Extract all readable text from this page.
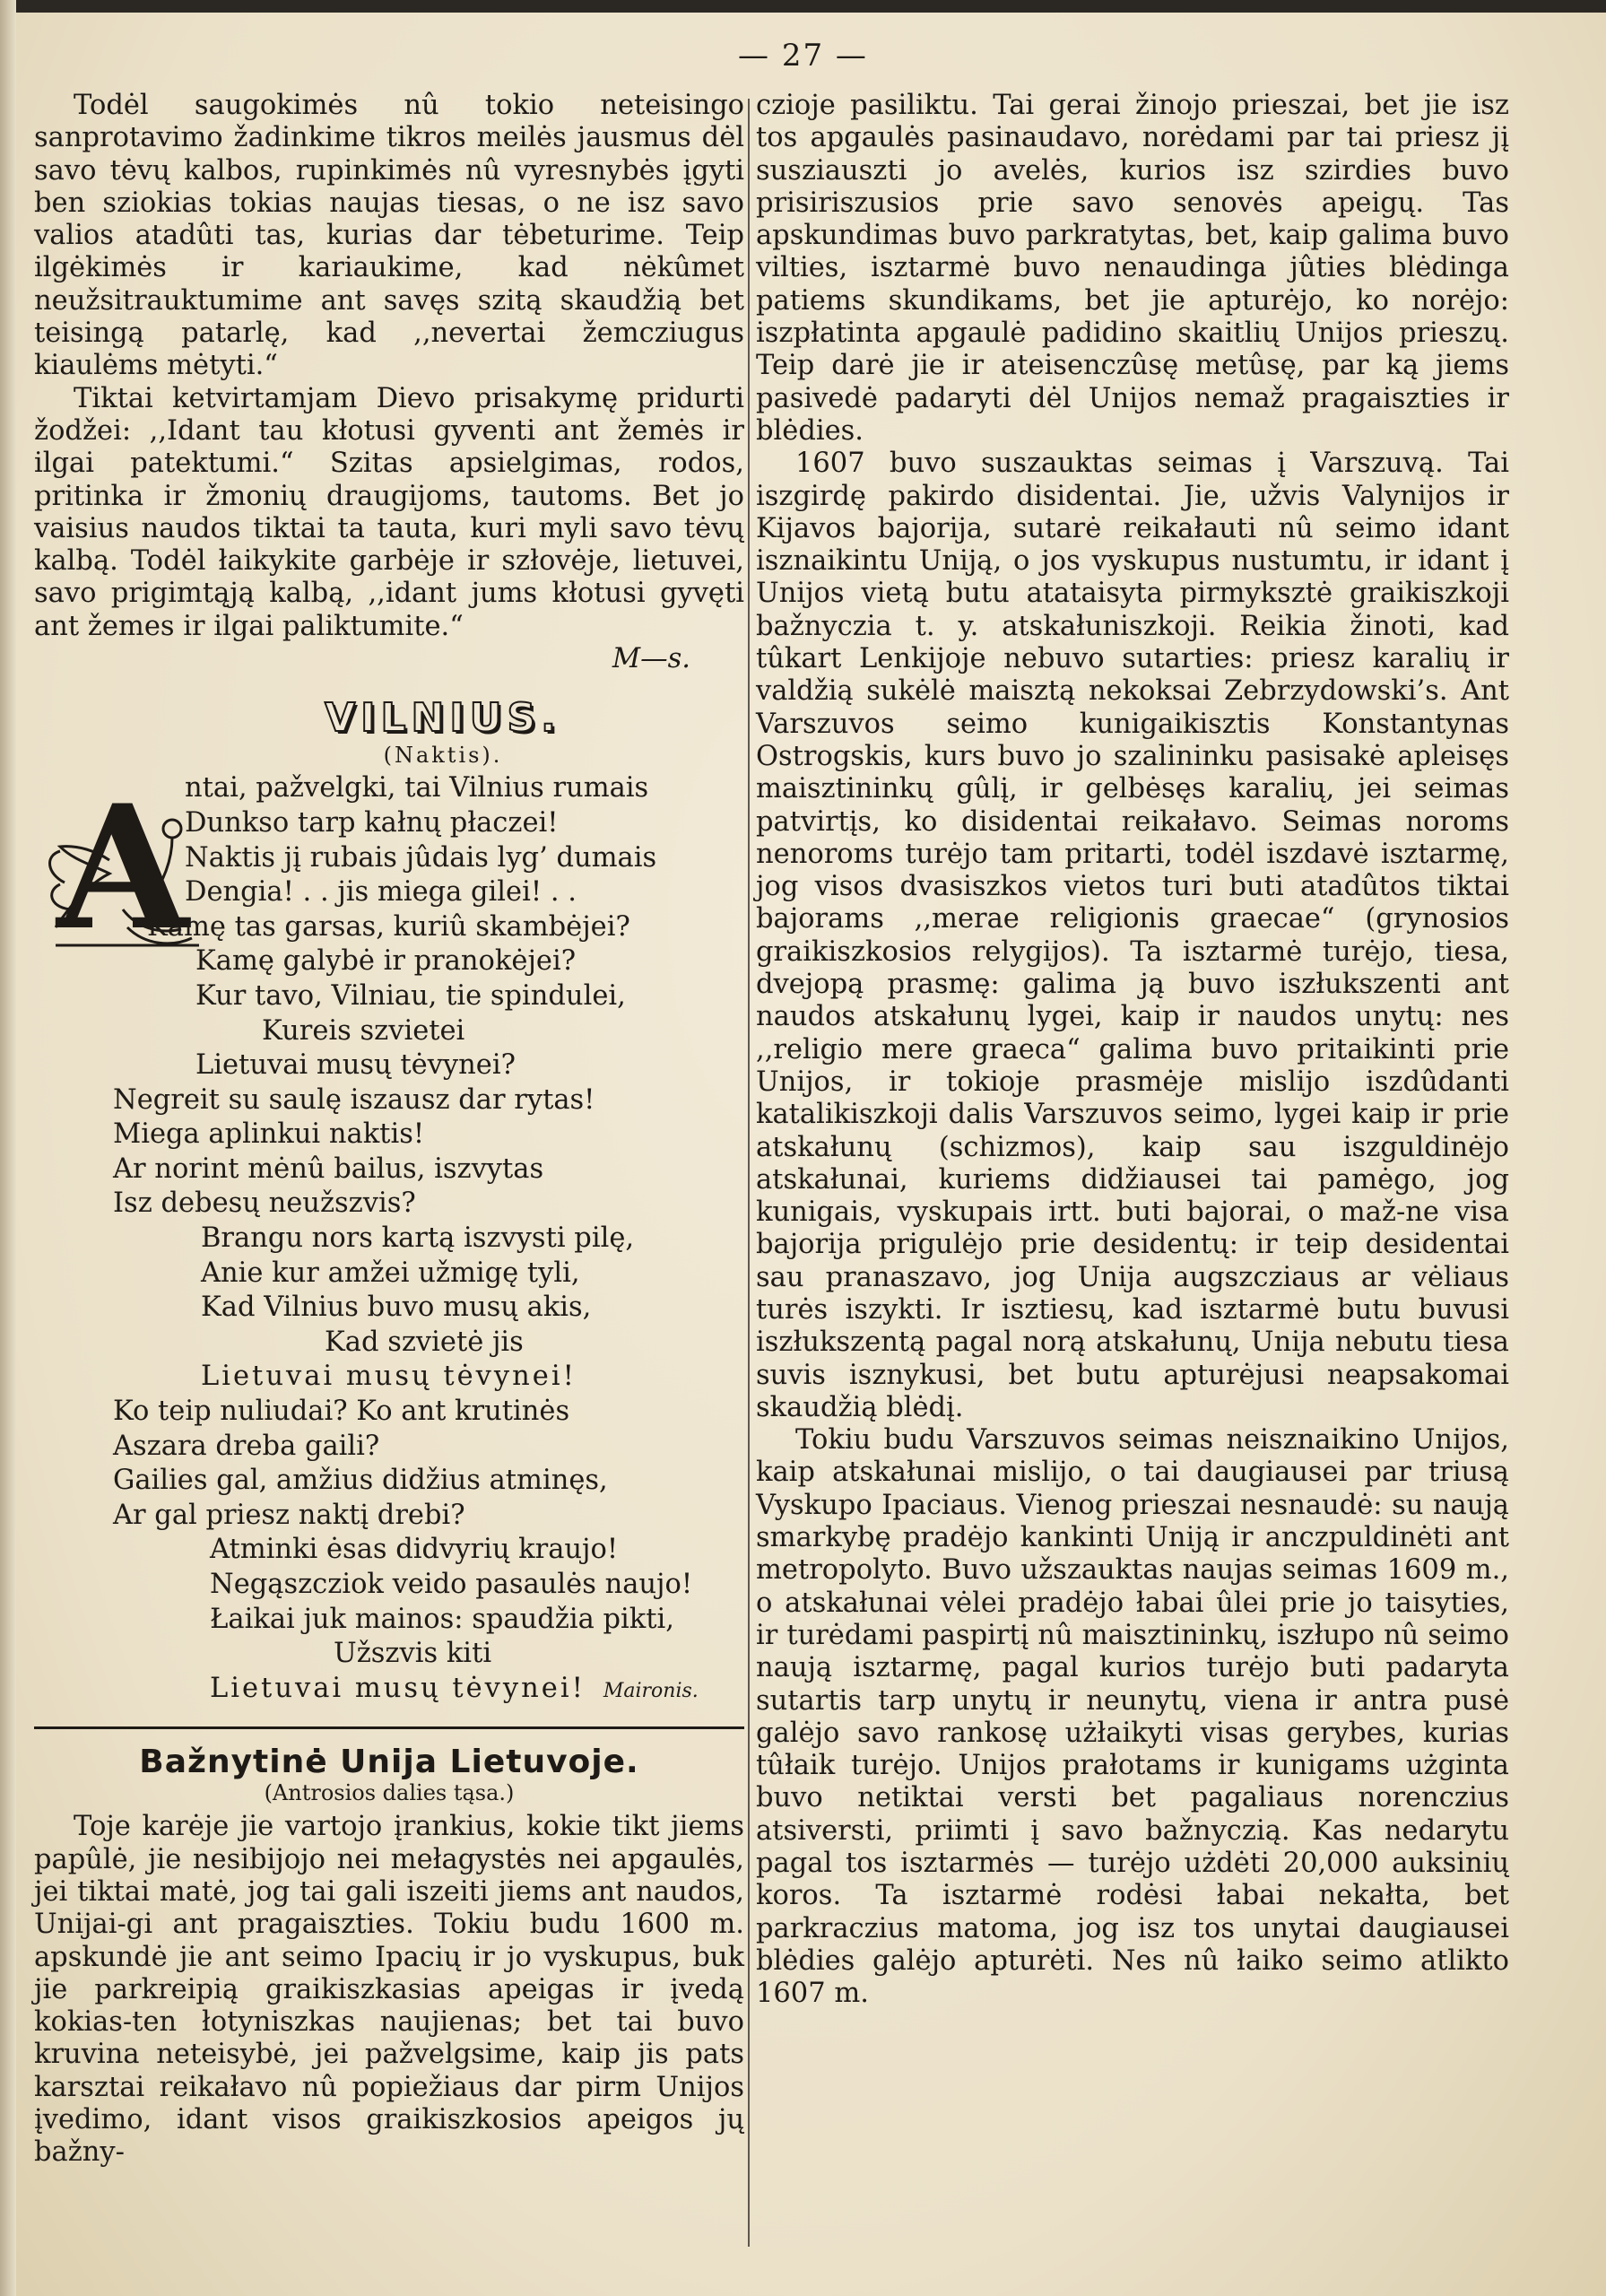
— 27 —

Todėl saugokimės nû tokio neteisingo sanprotavimo žadinkime tikros meilės jausmus dėl savo tėvų kalbos, rupinkimės nû vyresnybės įgyti ben sziokias tokias naujas tiesas, o ne isz savo valios atadûti tas, kurias dar tėbeturime. Teip ilgėkimės ir kariaukime, kad nėkûmet neužsitrauktumime ant savęs szitą skaudžią bet teisingą patarlę, kad ,,nevertai žemcziugus kiaulėms mėtyti.“

Tiktai ketvirtamjam Dievo prisakymę pridurti žodžei: ,,Idant tau kłotusi gyventi ant žemės ir ilgai patektumi.“ Szitas apsielgimas, rodos, pritinka ir žmonių draugijoms, tautoms. Bet jo vaisius naudos tiktai ta tauta, kuri myli savo tėvų kalbą. Todėl łaikykite garbėje ir szłovėje, lietuvei, savo prigimtąją kalbą, ,,idant jums kłotusi gyvęti ant žemes ir ilgai paliktumite.“

M—s.

VILNIUS.
(Naktis).
A
ntai, pažvelgki, tai Vilnius rumais
Dunkso tarp kałnų płaczei!
Naktis jį rubais jûdais lyg’ dumais
Dengia! . . jis miega gilei! . .
Kamę tas garsas, kuriû skambėjei?
Kamę galybė ir pranokėjei?
Kur tavo, Vilniau, tie spindulei,
Kureis szvietei
Lietuvai musų tėvynei?
Negreit su saulę iszausz dar rytas!
Miega aplinkui naktis!
Ar norint mėnû bailus, iszvytas
Isz debesų neužszvis?
Brangu nors kartą iszvysti pilę,
Anie kur amžei užmigę tyli,
Kad Vilnius buvo musų akis,
Kad szvietė jis
Lietuvai musų tėvynei!
Ko teip nuliudai? Ko ant krutinės
Aszara dreba gaili?
Gailies gal, amžius didžius atminęs,
Ar gal priesz naktį drebi?
Atminki ėsas didvyrių kraujo!
Negąszcziok veido pasaulės naujo!
Łaikai juk mainos: spaudžia pikti,
Užszvis kiti
Lietuvai musų tėvynei! Maironis.
Bažnytinė Unija Lietuvoje.
(Antrosios dalies tąsa.)

Toje karėje jie vartojo įrankius, kokie tikt jiems papûlė, jie nesibijojo nei mełagystės nei apgaulės, jei tiktai matė, jog tai gali iszeiti jiems ant naudos, Unijai-gi ant pragaiszties. Tokiu budu 1600 m. apskundė jie ant seimo Ipacių ir jo vyskupus, buk jie parkreipią graikiszkasias apeigas ir įvedą kokias-ten łotyniszkas naujienas; bet tai buvo kruvina neteisybė, jei pažvelgsime, kaip jis pats karsztai reikałavo nû popiežiaus dar pirm Unijos įvedimo, idant visos graikiszkosios apeigos jų bažny-

czioje pasiliktu. Tai gerai žinojo prieszai, bet jie isz tos apgaulės pasinaudavo, norėdami par tai priesz jį susziauszti jo avelės, kurios isz szirdies buvo prisiriszusios prie savo senovės apeigų. Tas apskundimas buvo parkratytas, bet, kaip galima buvo vilties, isztarmė buvo nenaudinga jûties blėdinga patiems skundikams, bet jie apturėjo, ko norėjo: iszpłatinta apgaulė padidino skaitlių Unijos prieszų. Teip darė jie ir ateisenczûsę metûsę, par ką jiems pasivedė padaryti dėl Unijos nemaž pragaiszties ir blėdies.

1607 buvo suszauktas seimas į Varszuvą. Tai iszgirdę pakirdo disidentai. Jie, užvis Valynijos ir Kijavos bajorija, sutarė reikałauti nû seimo idant isznaikintu Uniją, o jos vyskupus nustumtu, ir idant į Unijos vietą butu atataisyta pirmyksztė graikiszkoji bažnyczia t. y. atskałuniszkoji. Reikia žinoti, kad tûkart Lenkijoje nebuvo sutarties: priesz karalių ir valdžią sukėlė maisztą nekoksai Zebrzydowski’s. Ant Varszuvos seimo kunigaikisztis Konstantynas Ostrogskis, kurs buvo jo szalininku pasisakė apleisęs maisztininkų gûlį, ir gelbėsęs karalių, jei seimas patvirtįs, ko disidentai reikałavo. Seimas noroms nenoroms turėjo tam pritarti, todėl iszdavė isztarmę, jog visos dvasiszkos vietos turi buti atadûtos tiktai bajorams ,,merae religionis graecae“ (grynosios graikiszkosios relygijos). Ta isztarmė turėjo, tiesa, dvejopą prasmę: galima ją buvo iszłukszenti ant naudos atskałunų lygei, kaip ir naudos unytų: nes ,,religio mere graeca“ galima buvo pritaikinti prie Unijos, ir tokioje prasmėje mislijo iszdûdanti katalikiszkoji dalis Varszuvos seimo, lygei kaip ir prie atskałunų (schizmos), kaip sau iszguldinėjo atskałunai, kuriems didžiausei tai pamėgo, jog kunigais, vyskupais irtt. buti bajorai, o maž-ne visa bajorija prigulėjo prie desidentų: ir teip desidentai sau pranaszavo, jog Unija augszcziaus ar vėliaus turės iszykti. Ir isztiesų, kad isztarmė butu buvusi iszłukszentą pagal norą atskałunų, Unija nebutu tiesa suvis isznykusi, bet butu apturėjusi neapsakomai skaudžią blėdį.

Tokiu budu Varszuvos seimas neisznaikino Unijos, kaip atskałunai mislijo, o tai daugiausei par triusą Vyskupo Ipaciaus. Vienog prieszai nesnaudė: su naują smarkybę pradėjo kankinti Uniją ir anczpuldinėti ant metropolyto. Buvo užszauktas naujas seimas 1609 m., o atskałunai vėlei pradėjo łabai ûlei prie jo taisyties, ir turėdami paspirtį nû maisztininkų, iszłupo nû seimo naują isztarmę, pagal kurios turėjo buti padaryta sutartis tarp unytų ir neunytų, viena ir antra pusė galėjo savo rankosę użłaikyti visas gerybes, kurias tûłaik turėjo. Unijos prałotams ir kunigams użginta buvo netiktai versti bet pagaliaus norenczius atsiversti, priimti į savo bažnyczią. Kas nedarytu pagal tos isztarmės — turėjo użdėti 20,000 auksinių koros. Ta isztarmė rodėsi łabai nekałta, bet parkraczius matoma, jog isz tos unytai daugiausei blėdies galėjo apturėti. Nes nû łaiko seimo atlikto 1607 m.
